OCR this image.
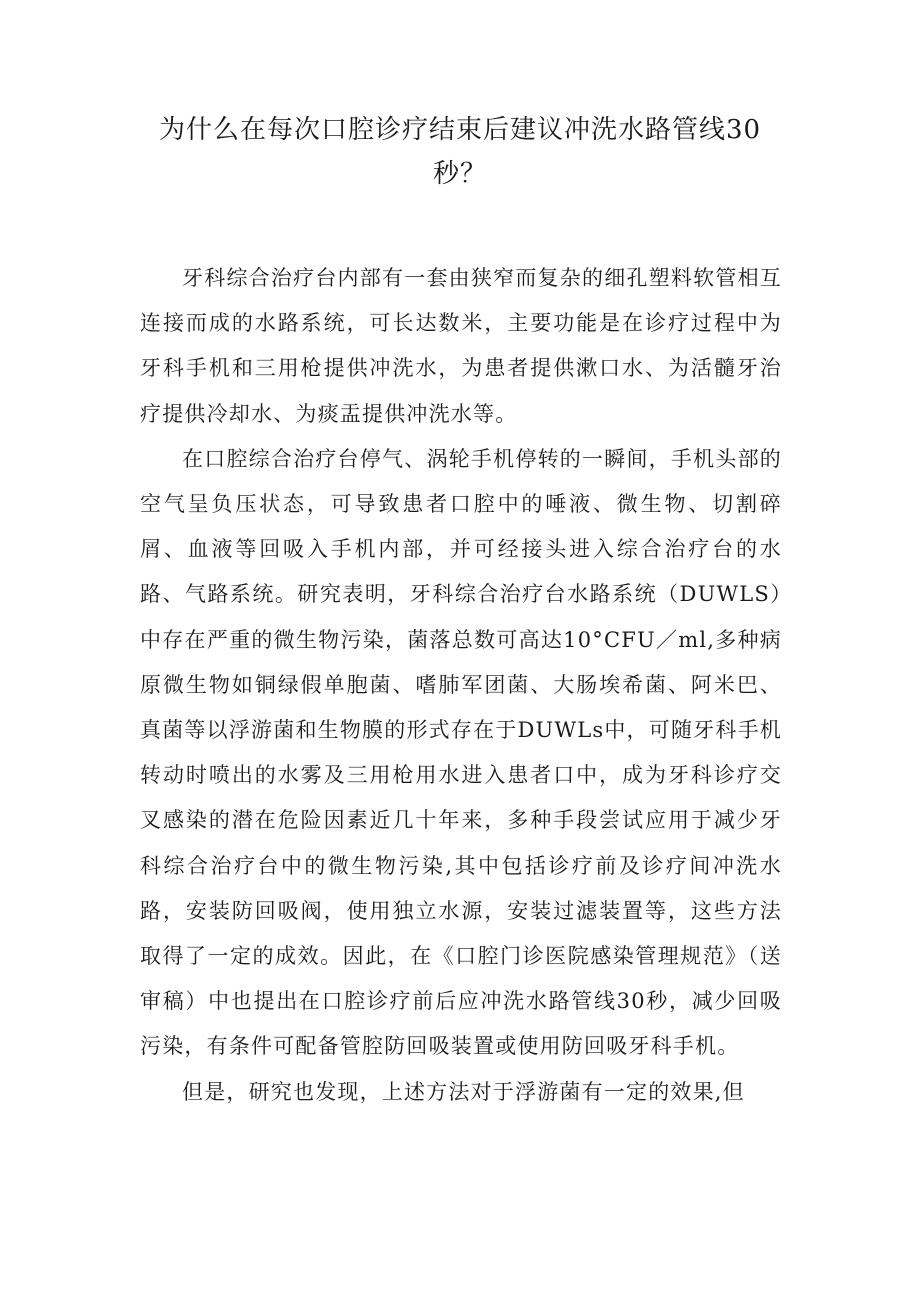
为什么在每次口腔诊疗结束后建议冲洗水路管线30秒？

牙科综合治疗台内部有一套由狭窄而复杂的细孔塑料软管相互连接而成的水路系统，可长达数米，主要功能是在诊疗过程中为牙科手机和三用枪提供冲洗水，为患者提供漱口水、为活髓牙治疗提供冷却水、为痰盂提供冲洗水等。

在口腔综合治疗台停气、涡轮手机停转的一瞬间，手机头部的空气呈负压状态，可导致患者口腔中的唾液、微生物、切割碎屑、血液等回吸入手机内部，并可经接头进入综合治疗台的水路、气路系统。研究表明，牙科综合治疗台水路系统（DUWLS）中存在严重的微生物污染，菌落总数可高达10°CFU／ml,多种病原微生物如铜绿假单胞菌、嗜肺军团菌、大肠埃希菌、阿米巴、真菌等以浮游菌和生物膜的形式存在于DUWLs中，可随牙科手机转动时喷出的水雾及三用枪用水进入患者口中，成为牙科诊疗交叉感染的潜在危险因素近几十年来，多种手段尝试应用于减少牙科综合治疗台中的微生物污染,其中包括诊疗前及诊疗间冲洗水路，安装防回吸阀，使用独立水源，安装过滤装置等，这些方法取得了一定的成效。因此，在《口腔门诊医院感染管理规范》（送审稿）中也提出在口腔诊疗前后应冲洗水路管线30秒，减少回吸污染，有条件可配备管腔防回吸装置或使用防回吸牙科手机。

但是，研究也发现，上述方法对于浮游菌有一定的效果,但
